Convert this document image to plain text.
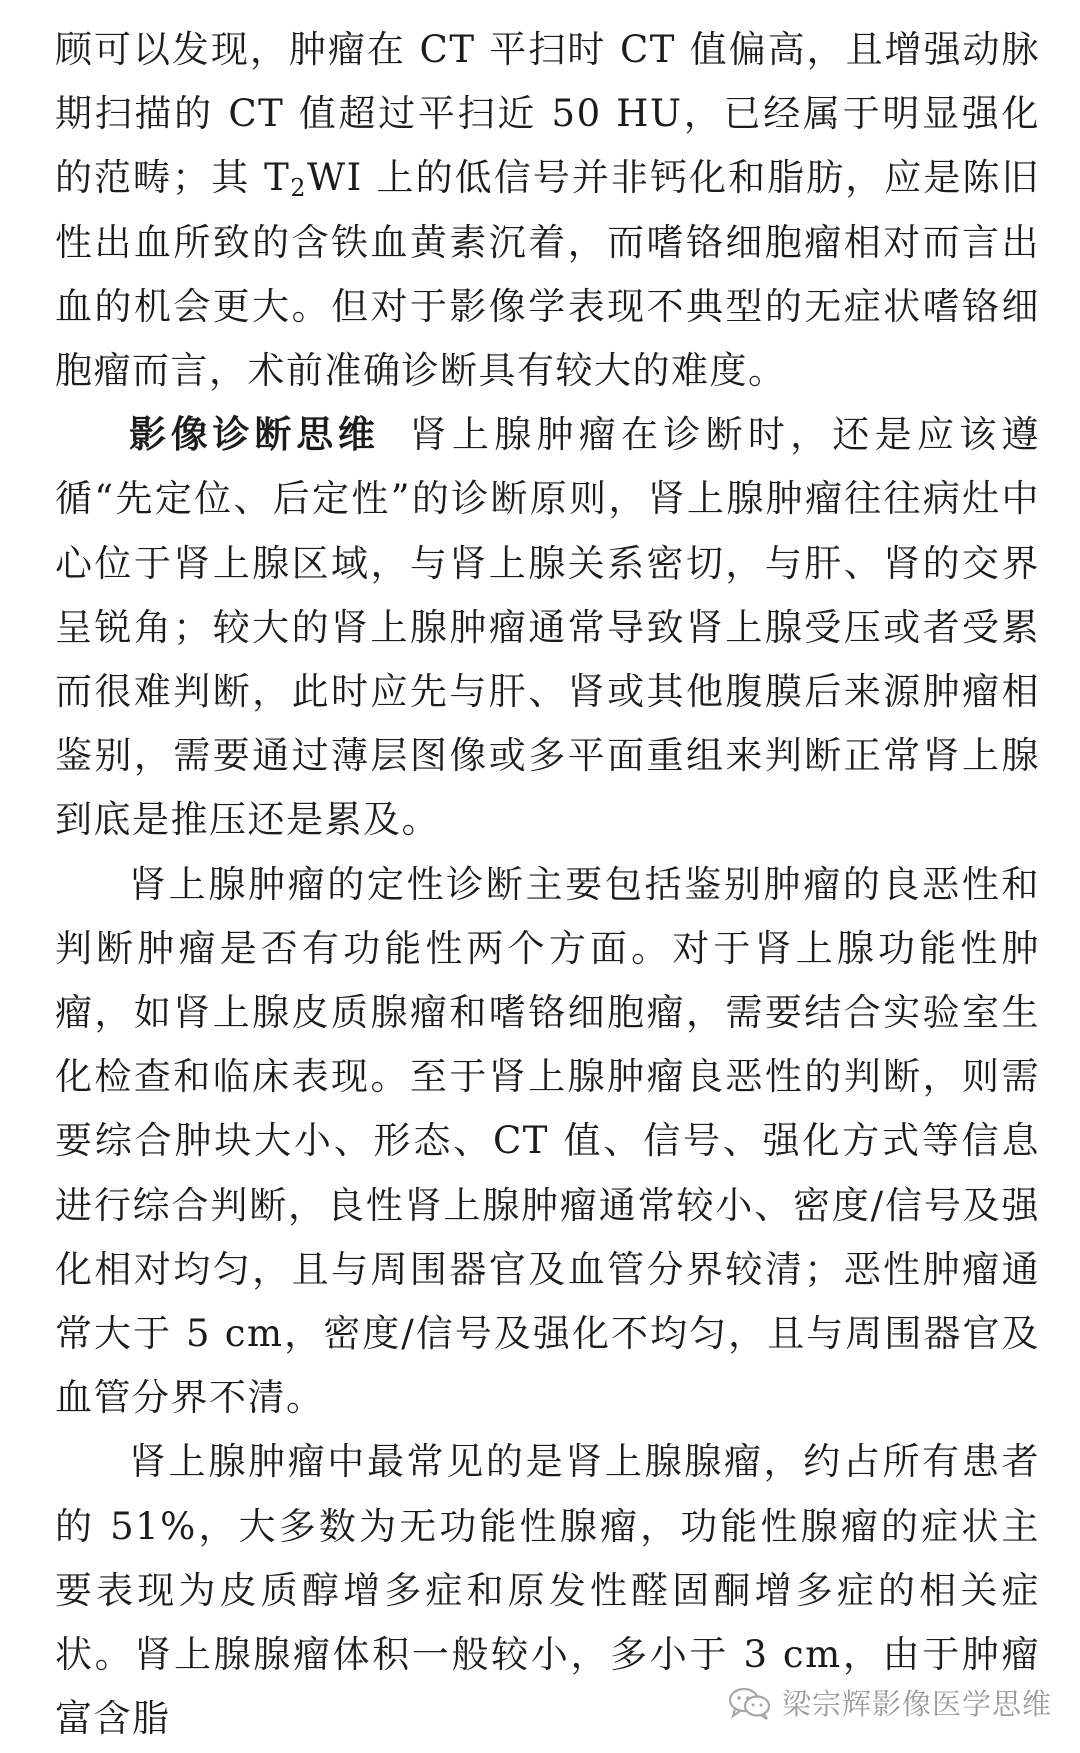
顾可以发现，肿瘤在 CT 平扫时 CT 值偏高，且增强动脉期扫描的 CT 值超过平扫近 50 HU，已经属于明显强化的范畴；其 $T_2WI$ 上的低信号并非钙化和脂肪，应是陈旧性出血所致的含铁血黄素沉着，而嗜铬细胞瘤相对而言出血的机会更大。但对于影像学表现不典型的无症状嗜铬细胞瘤而言，术前准确诊断具有较大的难度。

影像诊断思维 肾上腺肿瘤在诊断时，还是应该遵循“先定位、后定性”的诊断原则，肾上腺肿瘤往往病灶中心位于肾上腺区域，与肾上腺关系密切，与肝、肾的交界呈锐角；较大的肾上腺肿瘤通常导致肾上腺受压或者受累而很难判断，此时应先与肝、肾或其他腹膜后来源肿瘤相鉴别，需要通过薄层图像或多平面重组来判断正常肾上腺到底是推压还是累及。

肾上腺肿瘤的定性诊断主要包括鉴别肿瘤的良恶性和判断肿瘤是否有功能性两个方面。对于肾上腺功能性肿瘤，如肾上腺皮质腺瘤和嗜铬细胞瘤，需要结合实验室生化检查和临床表现。至于肾上腺肿瘤良恶性的判断，则需要综合肿块大小、形态、CT 值、信号、强化方式等信息进行综合判断，良性肾上腺肿瘤通常较小、密度/信号及强化相对均匀，且与周围器官及血管分界较清；恶性肿瘤通常大于 5 cm，密度/信号及强化不均匀，且与周围器官及血管分界不清。

肾上腺肿瘤中最常见的是肾上腺腺瘤，约占所有患者的 51%，大多数为无功能性腺瘤，功能性腺瘤的症状主要表现为皮质醇增多症和原发性醛固酮增多症的相关症状。肾上腺腺瘤体积一般较小，多小于 3 cm，由于肿瘤富含脂	梁宗辉影像医学思维
